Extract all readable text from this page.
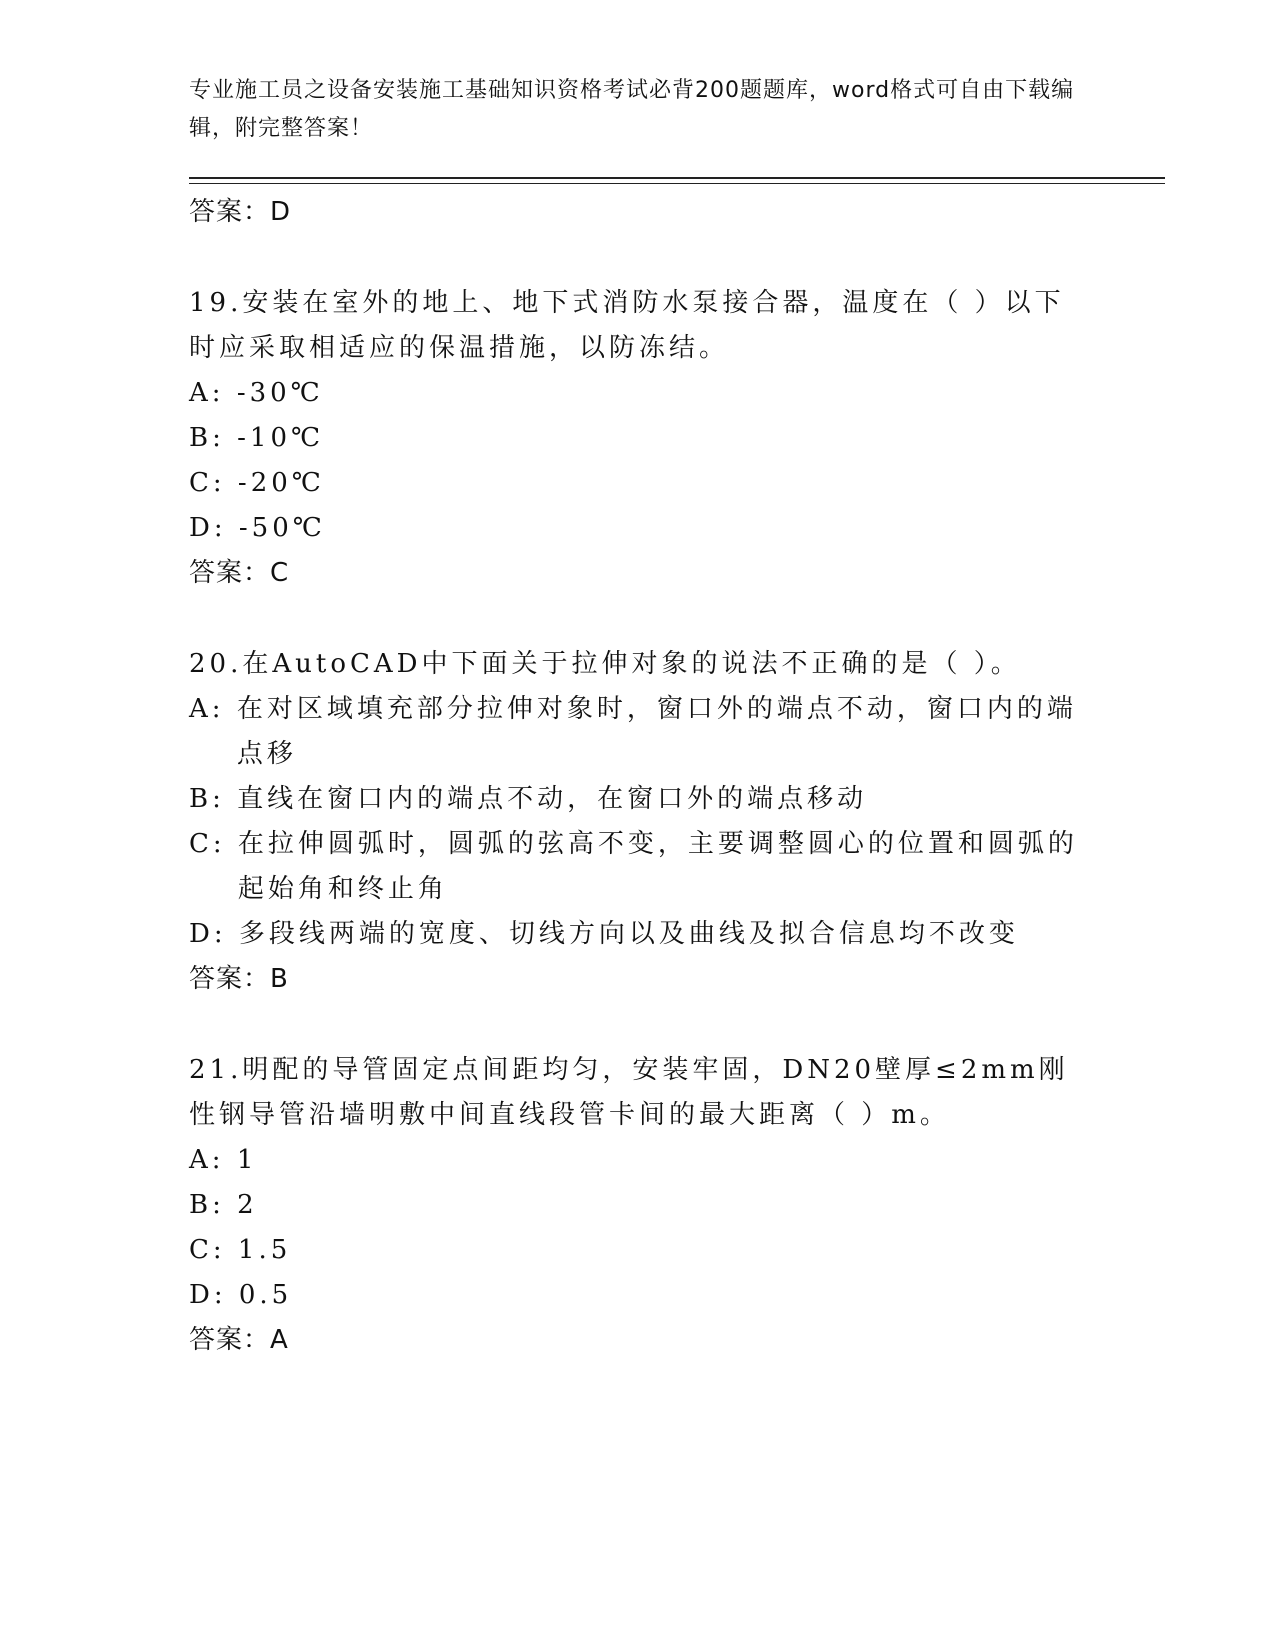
专业施工员之设备安装施工基础知识资格考试必背200题题库，word格式可自由下载编辑，附完整答案！
答案：D
19.安装在室外的地上、地下式消防水泵接合器，温度在（ ）以下时应采取相适应的保温措施，以防冻结。
A:
-30℃
B:
-10℃
C:
-20℃
D:
-50℃
答案：C
20.在AutoCAD中下面关于拉伸对象的说法不正确的是（ ）。
A:
在对区域填充部分拉伸对象时，窗口外的端点不动，窗口内的端点移
B:
直线在窗口内的端点不动，在窗口外的端点移动
C:
在拉伸圆弧时，圆弧的弦高不变，主要调整圆心的位置和圆弧的起始角和终止角
D:
多段线两端的宽度、切线方向以及曲线及拟合信息均不改变
答案：B
21.明配的导管固定点间距均匀，安装牢固，DN20壁厚≤2mm刚性钢导管沿墙明敷中间直线段管卡间的最大距离（ ）m。
A:
1
B:
2
C:
1.5
D:
0.5
答案：A
